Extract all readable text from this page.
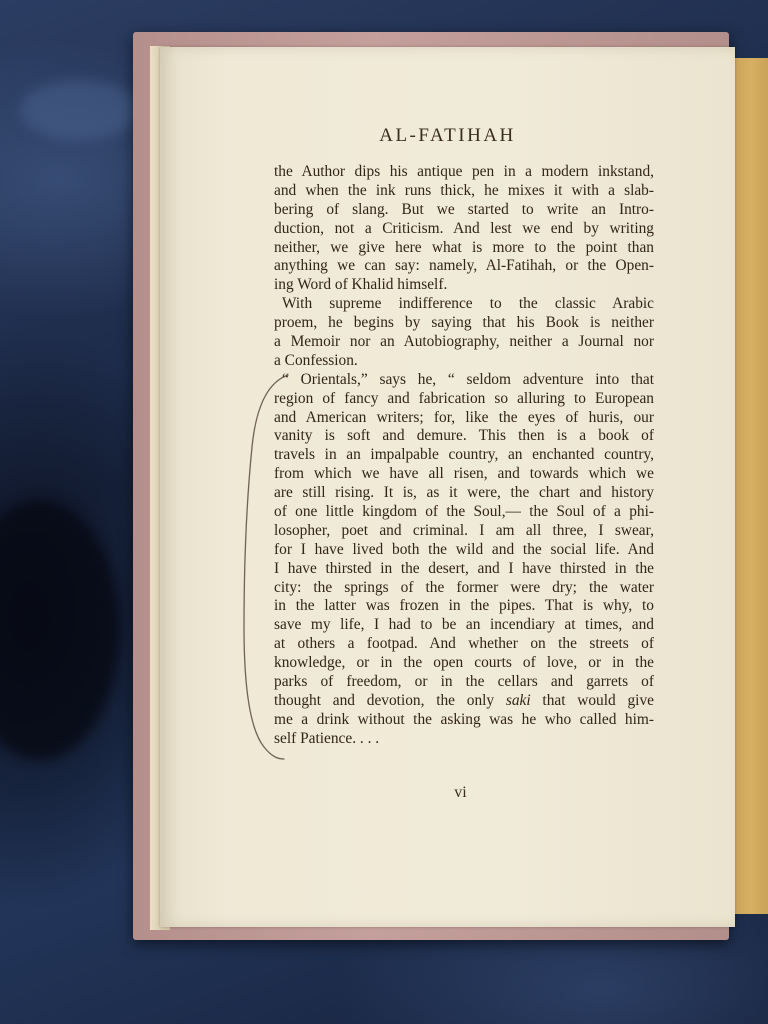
AL-FATIHAH
the Author dips his antique pen in a modern inkstand,
and when the ink runs thick, he mixes it with a slab-
bering of slang. But we started to write an Intro-
duction, not a Criticism. And lest we end by writing
neither, we give here what is more to the point than
anything we can say: namely, Al-Fatihah, or the Open-
ing Word of Khalid himself.
With supreme indifference to the classic Arabic
proem, he begins by saying that his Book is neither
a Memoir nor an Autobiography, neither a Journal nor
a Confession.
“ Orientals,” says he, “ seldom adventure into that
region of fancy and fabrication so alluring to European
and American writers; for, like the eyes of huris, our
vanity is soft and demure. This then is a book of
travels in an impalpable country, an enchanted country,
from which we have all risen, and towards which we
are still rising. It is, as it were, the chart and history
of one little kingdom of the Soul,— the Soul of a phi-
losopher, poet and criminal. I am all three, I swear,
for I have lived both the wild and the social life. And
I have thirsted in the desert, and I have thirsted in the
city: the springs of the former were dry; the water
in the latter was frozen in the pipes. That is why, to
save my life, I had to be an incendiary at times, and
at others a footpad. And whether on the streets of
knowledge, or in the open courts of love, or in the
parks of freedom, or in the cellars and garrets of
thought and devotion, the only saki that would give
me a drink without the asking was he who called him-
self Patience. . . .
vi
